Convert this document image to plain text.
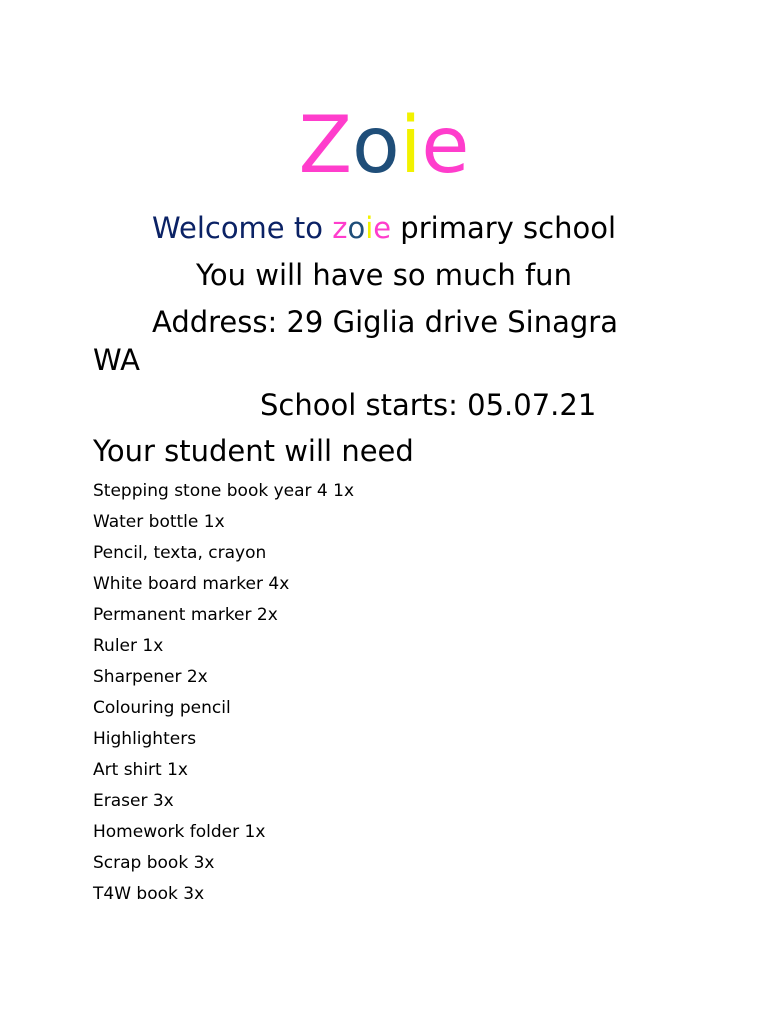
Zoie
Welcome to zoie primary school
You will have so much fun
Address: 29 Giglia drive Sinagra
WA
School starts: 05.07.21
Your student will need
Stepping stone book year 4 1x
Water bottle 1x
Pencil, texta, crayon
White board marker 4x
Permanent marker 2x
Ruler 1x
Sharpener 2x
Colouring pencil
Highlighters
Art shirt 1x
Eraser 3x
Homework folder 1x
Scrap book 3x
T4W book 3x
